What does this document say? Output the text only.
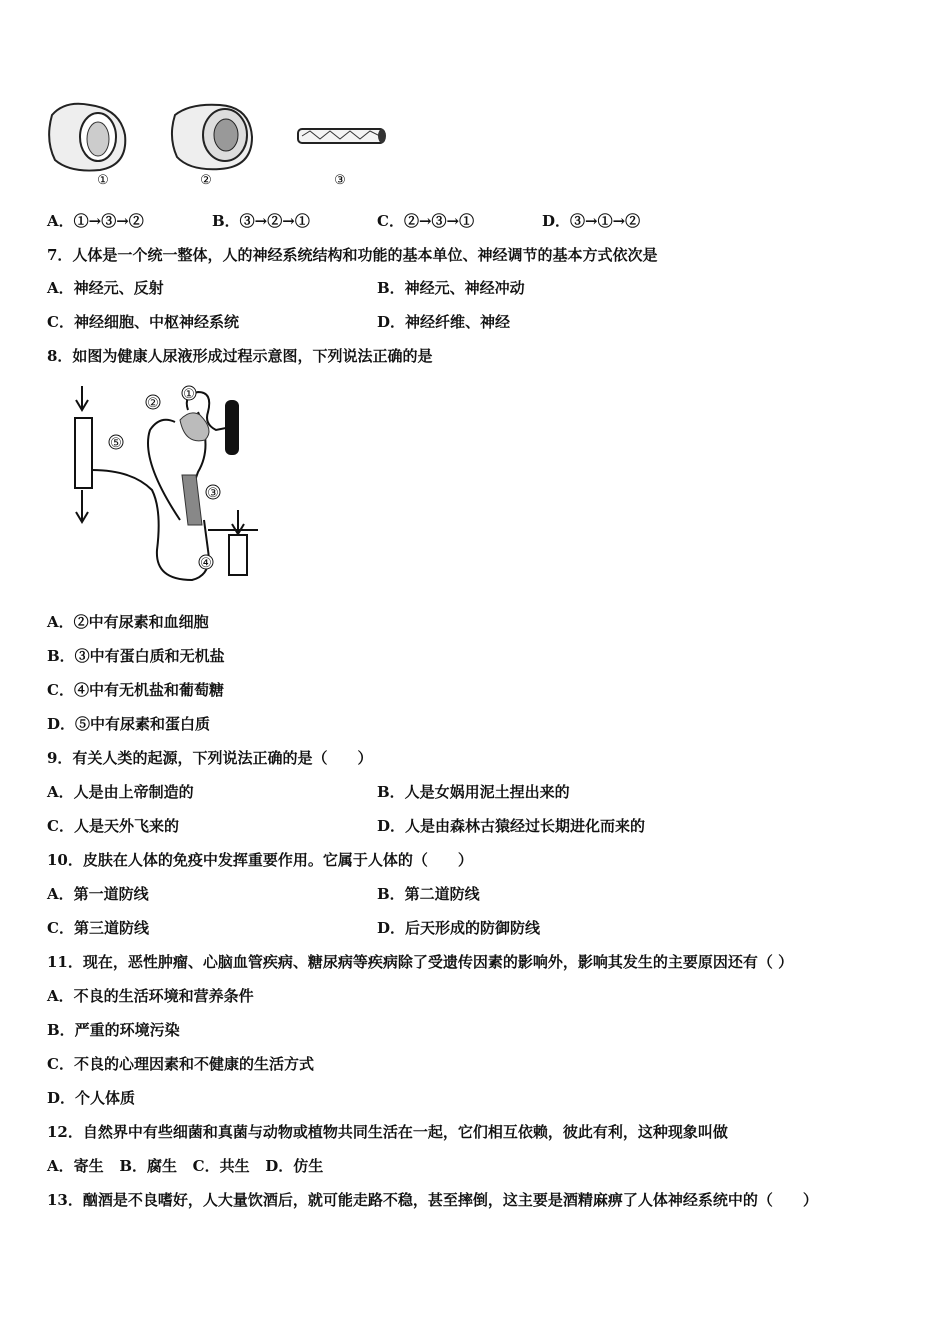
①	②	③
A．①→③→②	B．③→②→①	C．②→③→①	D．③→①→②
7．人体是一个统一整体，人的神经系统结构和功能的基本单位、神经调节的基本方式依次是
A．神经元、反射	B．神经元、神经冲动
C．神经细胞、中枢神经系统	D．神经纤维、神经
8．如图为健康人尿液形成过程示意图，下列说法正确的是
①
②
③
④
⑤
A．②中有尿素和血细胞
B．③中有蛋白质和无机盐
C．④中有无机盐和葡萄糖
D．⑤中有尿素和蛋白质
9．有关人类的起源，下列说法正确的是（　　）
A．人是由上帝制造的	B．人是女娲用泥土捏出来的
C．人是天外飞来的	D．人是由森林古猿经过长期进化而来的
10．皮肤在人体的免疫中发挥重要作用。它属于人体的（　　）
A．第一道防线	B．第二道防线
C．第三道防线	D．后天形成的防御防线
11．现在，恶性肿瘤、心脑血管疾病、糖尿病等疾病除了受遗传因素的影响外，影响其发生的主要原因还有（ ）
A．不良的生活环境和营养条件
B．严重的环境污染
C．不良的心理因素和不健康的生活方式
D．个人体质
12．自然界中有些细菌和真菌与动物或植物共同生活在一起，它们相互依赖，彼此有利，这种现象叫做
A．寄生 B．腐生 C．共生 D．仿生
13．酗酒是不良嗜好，人大量饮酒后，就可能走路不稳，甚至摔倒，这主要是酒精麻痹了人体神经系统中的（　　）
